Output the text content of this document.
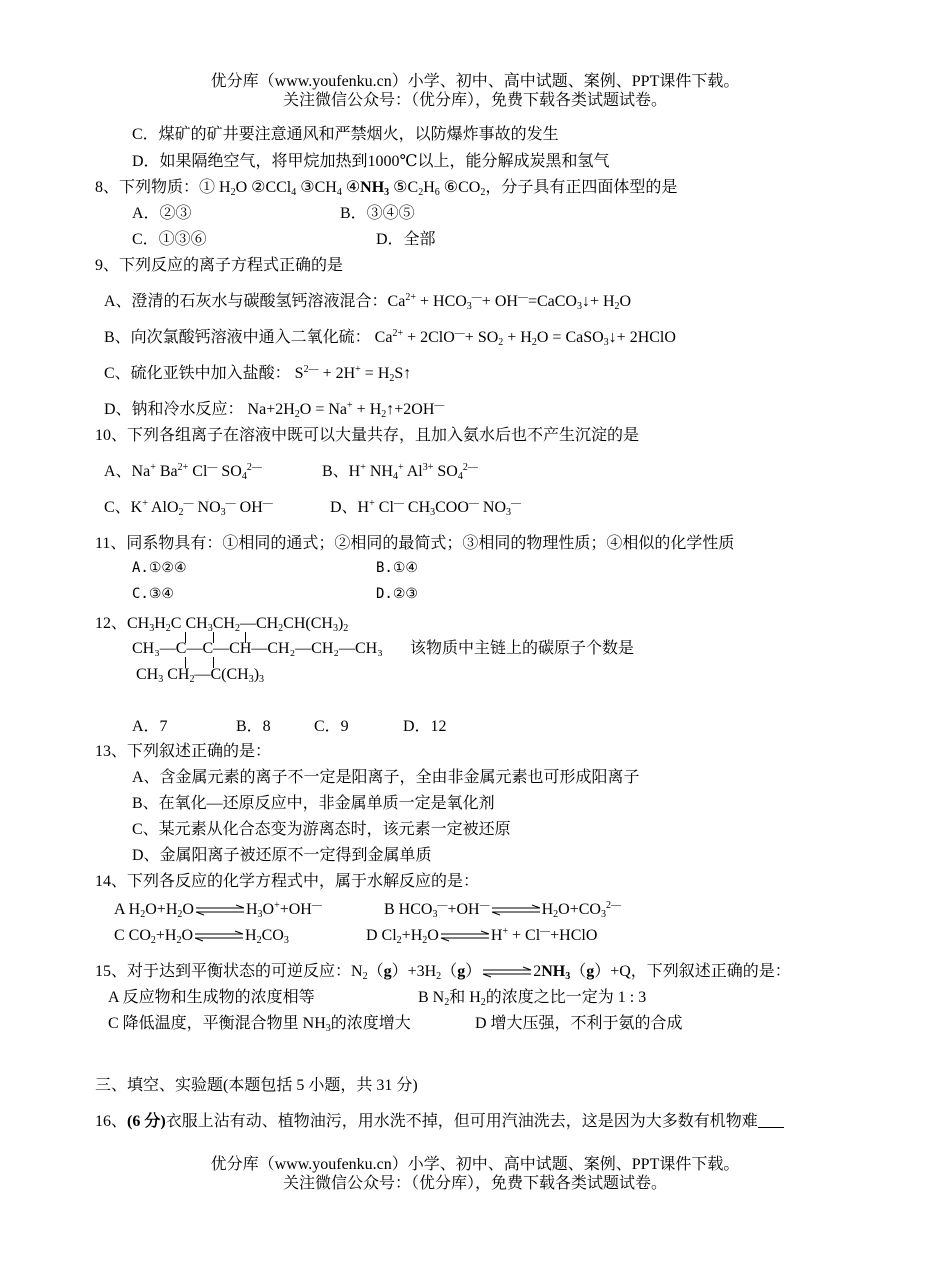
优分库（www.youfenku.cn）小学、初中、高中试题、案例、PPT课件下载。
关注微信公众号：（优分库），免费下载各类试题试卷。
C．煤矿的矿井要注意通风和严禁烟火，以防爆炸事故的发生
D．如果隔绝空气，将甲烷加热到1000℃以上，能分解成炭黑和氢气
8、下列物质：① $H_2O$ ②CCl$_4$ $③CH_4$ $④NH_3$ $⑤C_2H_6$ $⑥CO_2$，分子具有正四面体型的是
A．②③	B．③④⑤
C．①③⑥	D．全部
9、下列反应的离子方程式正确的是
A、澄清的石灰水与碳酸氢钙溶液混合：$Ca^{2+} + HCO_3^—+$ OH—=CaCO$_3$↓+ $H_2O$
B、向次氯酸钙溶液中通入二氧化硫： $Ca^{2+} + 2ClO^—+ SO_2 + H_2O$ = CaSO$_3$↓+ 2HClO
C、硫化亚铁中加入盐酸： $S^{2—} + 2H^+$ = $H_2S↑$
D、钠和冷水反应： $Na+2H_2O = Na^+$ + $H_2↑+2OH^—$
10、下列各组离子在溶液中既可以大量共存，且加入氨水后也不产生沉淀的是
A、Na+ $Ba^{2+}$ Cl— $SO_4^{2—}$	B、H+ $NH_4^+$ $Al^{3+}$ $SO_4^{2—}$
C、K+ AlO$_2$— $NO_3^—$ OH—	D、H+ Cl— $CH_3COO^—$ $NO_3^—$
11、同系物具有：①相同的通式；②相同的最简式；③相同的物理性质；④相似的化学性质
A.①②④	B.①④
C.③④	D.②③
12、$CH_3H_2C$ $CH_3CH_2—CH_2CH(CH_3)_2$
CH₃—C—C—CH—CH₂—CH₂—CH₃ 该物质中主链上的碳原子个数是
$CH_3$ $CH_2—C(CH_3)_3$
A．7	B．8	C．9	D．12
13、下列叙述正确的是：
A、含金属元素的离子不一定是阳离子，全由非金属元素也可形成阳离子
B、在氧化—还原反应中，非金属单质一定是氧化剂
C、某元素从化合态变为游离态时，该元素一定被还原
D、金属阳离子被还原不一定得到金属单质
14、下列各反应的化学方程式中，属于水解反应的是：
A $H_2O+H_2O\rightleftharpoons H_3O^++OH^—$	B $HCO_3^—+OH^—\rightleftharpoons H_2O+CO_3^{2—}$
C $CO_2+H_2O\rightleftharpoons H_2CO_3$	D $Cl_2+H_2O\rightleftharpoons H^+$ + Cl—+HClO
15、对于达到平衡状态的可逆反应：$N_2(g)+3H_2(g)\rightleftharpoons 2NH_3(g)+Q$，下列叙述正确的是：
A 反应物和生成物的浓度相等	B $N_2$和 $H_2$的浓度之比一定为 1 : 3
C 降低温度，平衡混合物里 $NH_3$的浓度增大	D 增大压强，不利于氨的合成
三、填空、实验题(本题包括 5 小题，共 31 分)
16、(6 分)衣服上沾有动、植物油污，用水洗不掉，但可用汽油洗去，这是因为大多数有机物难
优分库（www.youfenku.cn）小学、初中、高中试题、案例、PPT课件下载。
关注微信公众号：（优分库），免费下载各类试题试卷。
